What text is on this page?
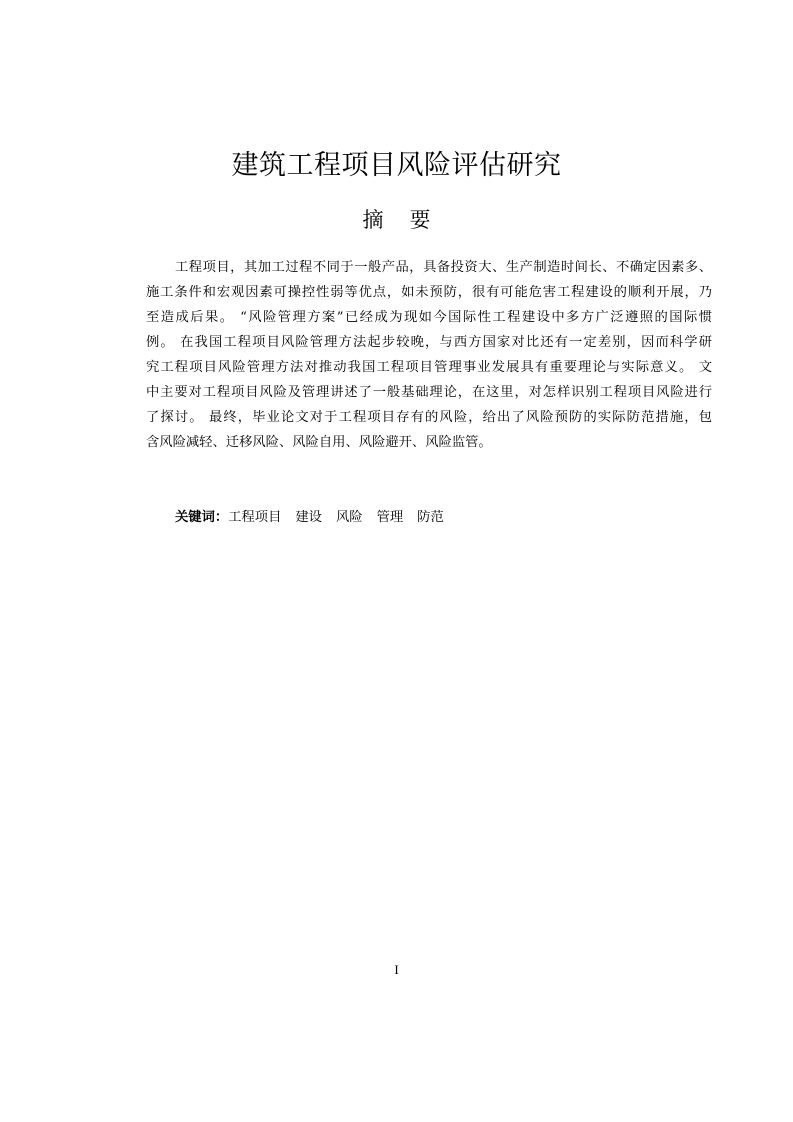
建筑工程项目风险评估研究
摘 要
工程项目，其加工过程不同于一般产品，具备投资大、生产制造时间长、不确定因素多、
施工条件和宏观因素可操控性弱等优点，如未预防，很有可能危害工程建设的顺利开展，乃
至造成后果。 “风险管理方案”已经成为现如今国际性工程建设中多方广泛遵照的国际惯
例。 在我国工程项目风险管理方法起步较晚，与西方国家对比还有一定差别，因而科学研
究工程项目风险管理方法对推动我国工程项目管理事业发展具有重要理论与实际意义。 文
中主要对工程项目风险及管理讲述了一般基础理论，在这里，对怎样识别工程项目风险进行
了探讨。 最终，毕业论文对于工程项目存有的风险，给出了风险预防的实际防范措施，包
含风险减轻、迁移风险、风险自用、风险避开、风险监管。
关键词：工程项目 建设 风险 管理 防范
I
